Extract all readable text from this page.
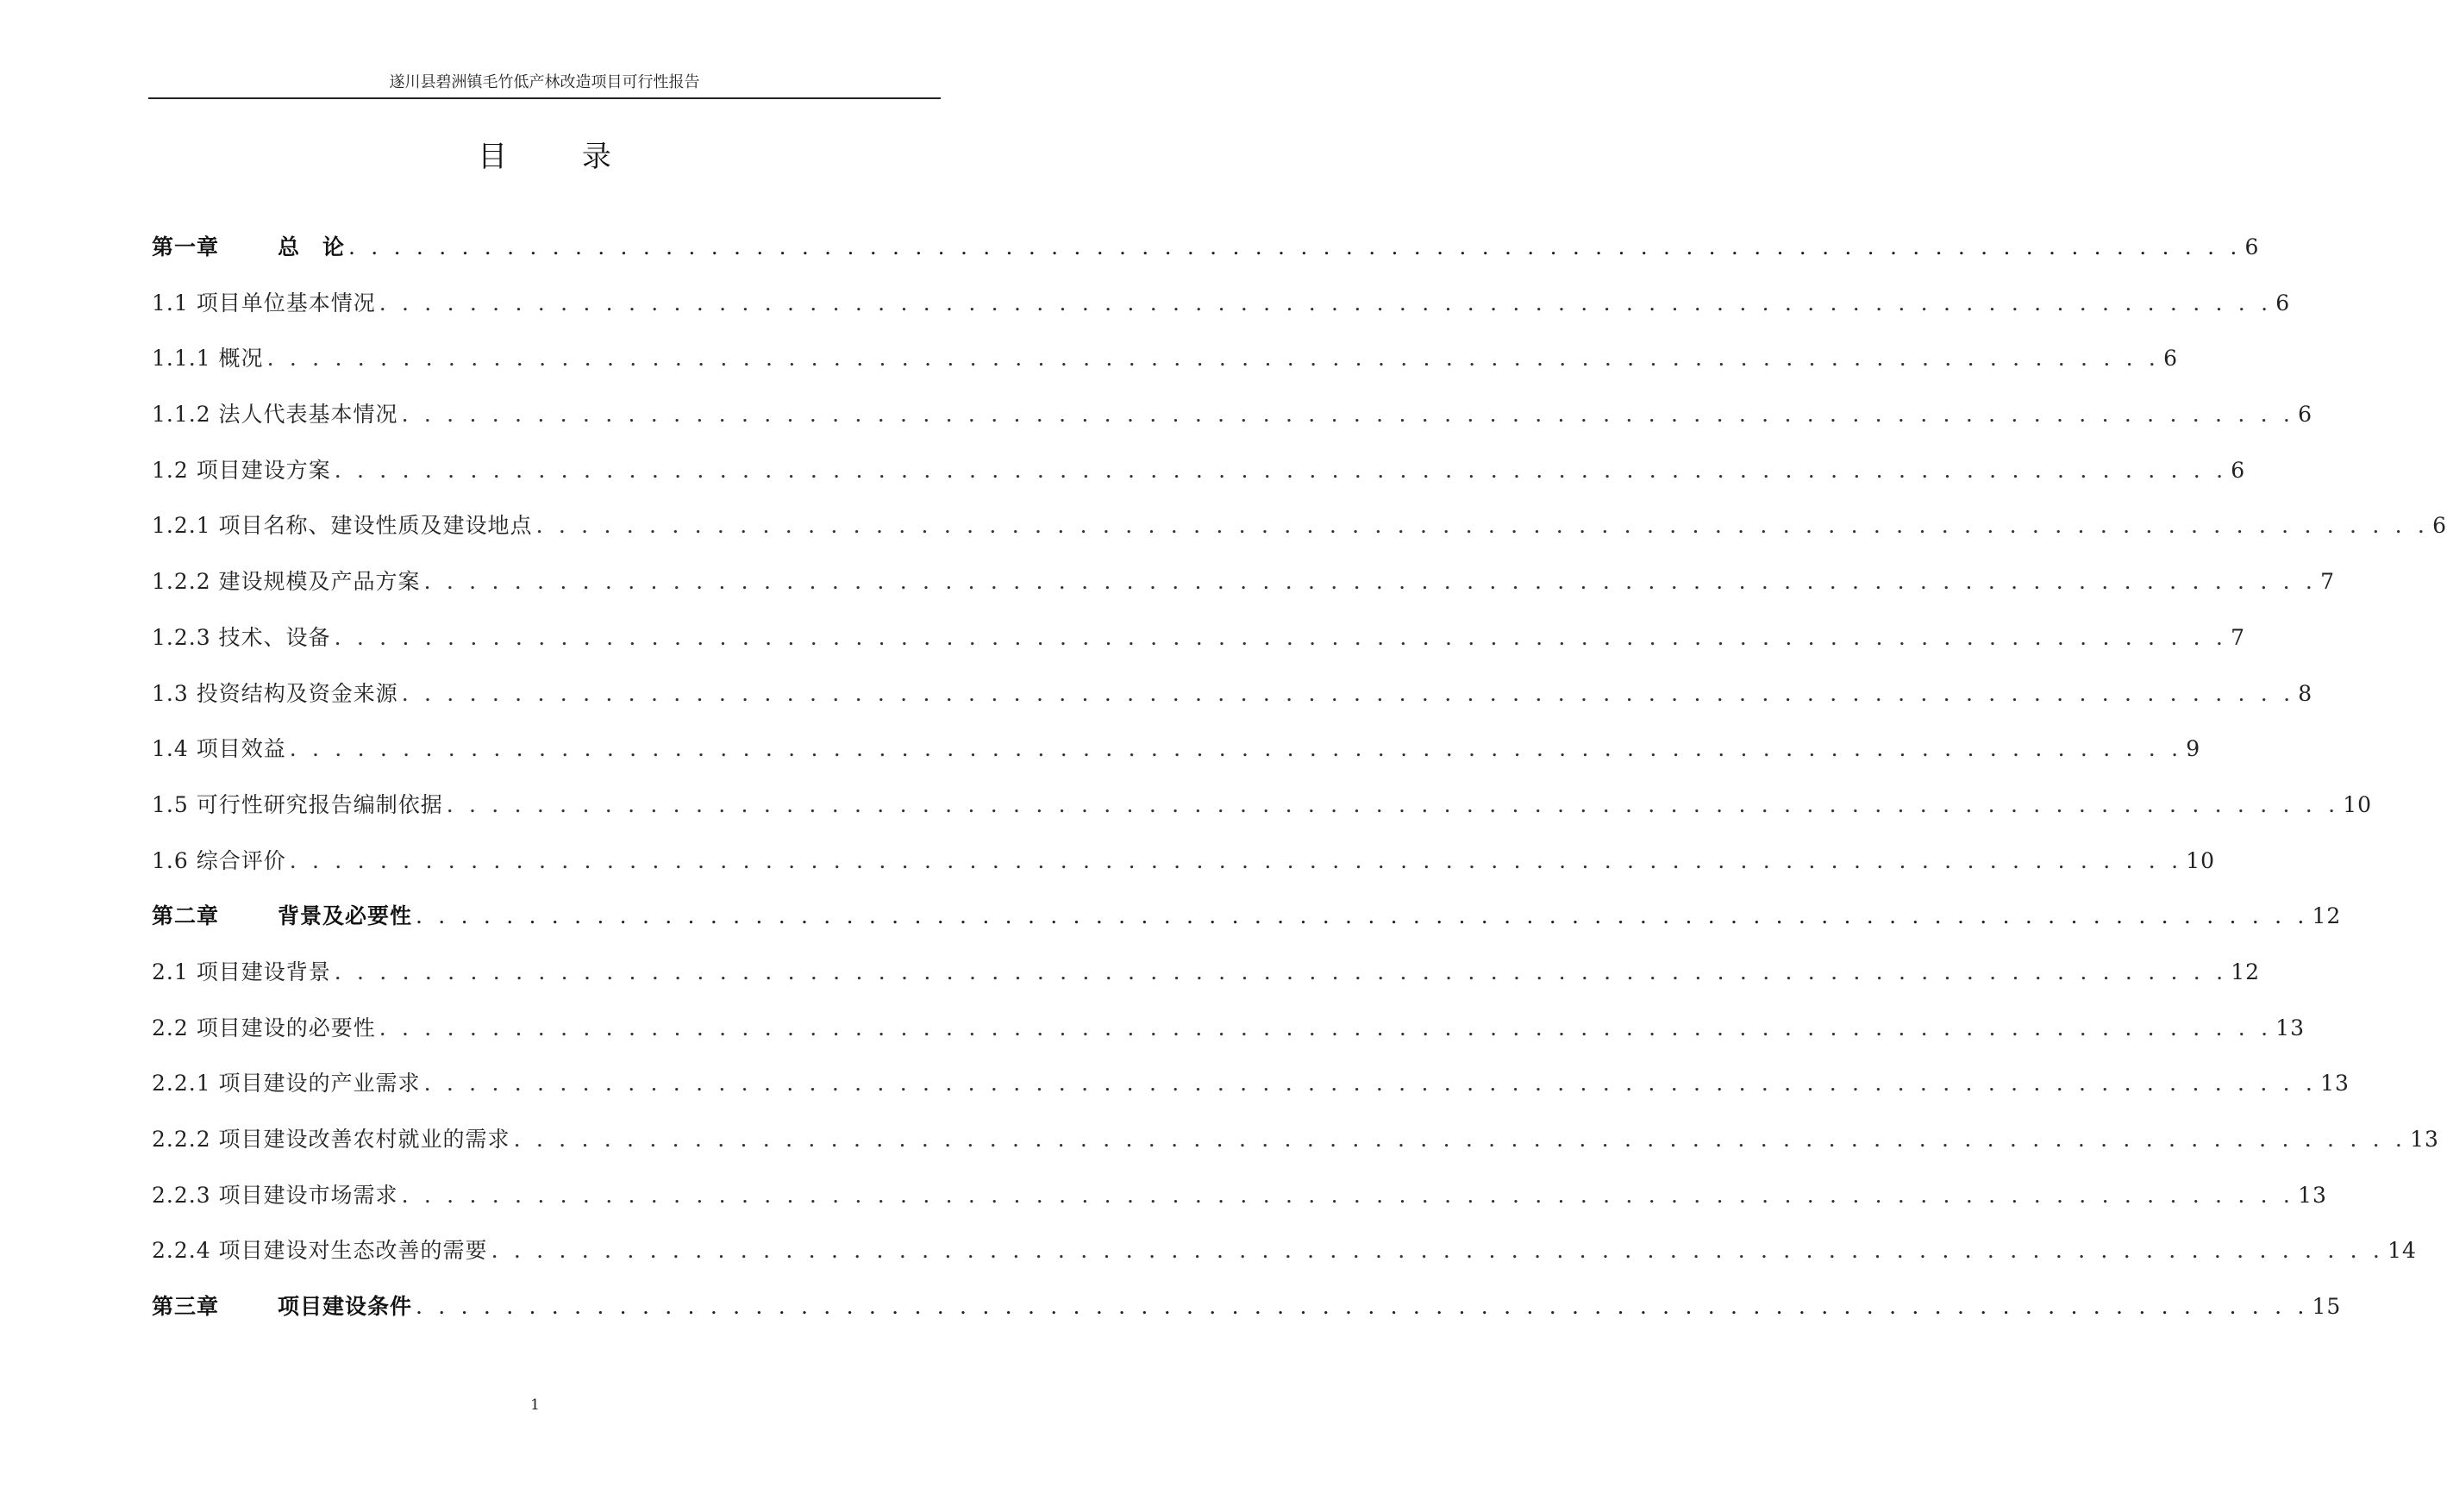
遂川县碧洲镇毛竹低产林改造项目可行性报告
目 录
第一章	总　论 . . . . . . . . . . . . . . . . . . . . . . . . . . . . . . . . . . . . . . . . . . . . . . . . . . . . . . . . . . . . . . . . . . . . . . . . . . . . . . . . . . . . 6
1.1 项目单位基本情况 . . . . . . . . . . . . . . . . . . . . . . . . . . . . . . . . . . . . . . . . . . . . . . . . . . . . . . . . . . . . . . . . . . . . . . . . . . . . . . . . . . . . 6
1.1.1 概况 . . . . . . . . . . . . . . . . . . . . . . . . . . . . . . . . . . . . . . . . . . . . . . . . . . . . . . . . . . . . . . . . . . . . . . . . . . . . . . . . . . . . 6
1.1.2 法人代表基本情况 . . . . . . . . . . . . . . . . . . . . . . . . . . . . . . . . . . . . . . . . . . . . . . . . . . . . . . . . . . . . . . . . . . . . . . . . . . . . . . . . . . . . 6
1.2 项目建设方案 . . . . . . . . . . . . . . . . . . . . . . . . . . . . . . . . . . . . . . . . . . . . . . . . . . . . . . . . . . . . . . . . . . . . . . . . . . . . . . . . . . . . 6
1.2.1 项目名称、建设性质及建设地点 . . . . . . . . . . . . . . . . . . . . . . . . . . . . . . . . . . . . . . . . . . . . . . . . . . . . . . . . . . . . . . . . . . . . . . . . . . . . . . . . . . . . 6
1.2.2 建设规模及产品方案 . . . . . . . . . . . . . . . . . . . . . . . . . . . . . . . . . . . . . . . . . . . . . . . . . . . . . . . . . . . . . . . . . . . . . . . . . . . . . . . . . . . . 7
1.2.3 技术、设备 . . . . . . . . . . . . . . . . . . . . . . . . . . . . . . . . . . . . . . . . . . . . . . . . . . . . . . . . . . . . . . . . . . . . . . . . . . . . . . . . . . . . 7
1.3 投资结构及资金来源 . . . . . . . . . . . . . . . . . . . . . . . . . . . . . . . . . . . . . . . . . . . . . . . . . . . . . . . . . . . . . . . . . . . . . . . . . . . . . . . . . . . . 8
1.4 项目效益 . . . . . . . . . . . . . . . . . . . . . . . . . . . . . . . . . . . . . . . . . . . . . . . . . . . . . . . . . . . . . . . . . . . . . . . . . . . . . . . . . . . . 9
1.5 可行性研究报告编制依据 . . . . . . . . . . . . . . . . . . . . . . . . . . . . . . . . . . . . . . . . . . . . . . . . . . . . . . . . . . . . . . . . . . . . . . . . . . . . . . . . . . . . 10
1.6 综合评价 . . . . . . . . . . . . . . . . . . . . . . . . . . . . . . . . . . . . . . . . . . . . . . . . . . . . . . . . . . . . . . . . . . . . . . . . . . . . . . . . . . . . 10
第二章	背景及必要性 . . . . . . . . . . . . . . . . . . . . . . . . . . . . . . . . . . . . . . . . . . . . . . . . . . . . . . . . . . . . . . . . . . . . . . . . . . . . . . . . . . . . 12
2.1 项目建设背景 . . . . . . . . . . . . . . . . . . . . . . . . . . . . . . . . . . . . . . . . . . . . . . . . . . . . . . . . . . . . . . . . . . . . . . . . . . . . . . . . . . . . 12
2.2 项目建设的必要性 . . . . . . . . . . . . . . . . . . . . . . . . . . . . . . . . . . . . . . . . . . . . . . . . . . . . . . . . . . . . . . . . . . . . . . . . . . . . . . . . . . . . 13
2.2.1 项目建设的产业需求 . . . . . . . . . . . . . . . . . . . . . . . . . . . . . . . . . . . . . . . . . . . . . . . . . . . . . . . . . . . . . . . . . . . . . . . . . . . . . . . . . . . . 13
2.2.2 项目建设改善农村就业的需求 . . . . . . . . . . . . . . . . . . . . . . . . . . . . . . . . . . . . . . . . . . . . . . . . . . . . . . . . . . . . . . . . . . . . . . . . . . . . . . . . . . . . 13
2.2.3 项目建设市场需求 . . . . . . . . . . . . . . . . . . . . . . . . . . . . . . . . . . . . . . . . . . . . . . . . . . . . . . . . . . . . . . . . . . . . . . . . . . . . . . . . . . . . 13
2.2.4 项目建设对生态改善的需要 . . . . . . . . . . . . . . . . . . . . . . . . . . . . . . . . . . . . . . . . . . . . . . . . . . . . . . . . . . . . . . . . . . . . . . . . . . . . . . . . . . . . 14
第三章	项目建设条件 . . . . . . . . . . . . . . . . . . . . . . . . . . . . . . . . . . . . . . . . . . . . . . . . . . . . . . . . . . . . . . . . . . . . . . . . . . . . . . . . . . . . 15
1
